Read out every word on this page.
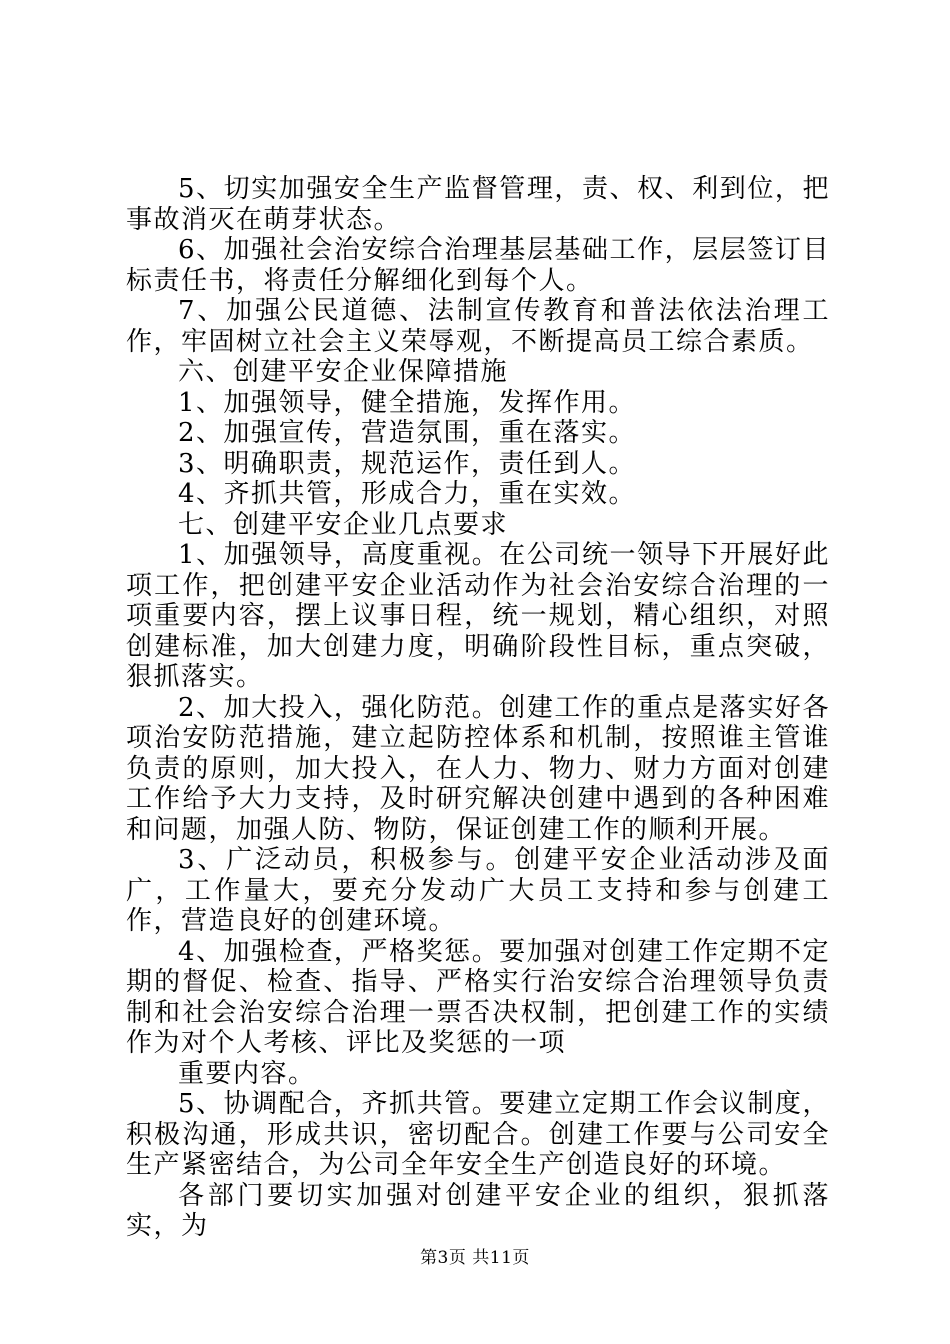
5、切实加强安全生产监督管理，责、权、利到位，把事故消灭在萌芽状态。

6、加强社会治安综合治理基层基础工作，层层签订目标责任书，将责任分解细化到每个人。

7、加强公民道德、法制宣传教育和普法依法治理工作，牢固树立社会主义荣辱观，不断提高员工综合素质。

六、创建平安企业保障措施

1、加强领导，健全措施，发挥作用。

2、加强宣传，营造氛围，重在落实。

3、明确职责，规范运作，责任到人。

4、齐抓共管，形成合力，重在实效。

七、创建平安企业几点要求

1、加强领导，高度重视。在公司统一领导下开展好此项工作，把创建平安企业活动作为社会治安综合治理的一项重要内容，摆上议事日程，统一规划，精心组织，对照创建标准，加大创建力度，明确阶段性目标，重点突破，狠抓落实。

2、加大投入，强化防范。创建工作的重点是落实好各项治安防范措施，建立起防控体系和机制，按照谁主管谁负责的原则，加大投入，在人力、物力、财力方面对创建工作给予大力支持，及时研究解决创建中遇到的各种困难和问题，加强人防、物防，保证创建工作的顺利开展。

3、广泛动员，积极参与。创建平安企业活动涉及面广，工作量大，要充分发动广大员工支持和参与创建工作，营造良好的创建环境。

4、加强检查，严格奖惩。要加强对创建工作定期不定期的督促、检查、指导、严格实行治安综合治理领导负责制和社会治安综合治理一票否决权制，把创建工作的实绩作为对个人考核、评比及奖惩的一项

重要内容。

5、协调配合，齐抓共管。要建立定期工作会议制度，积极沟通，形成共识，密切配合。创建工作要与公司安全生产紧密结合，为公司全年安全生产创造良好的环境。

各部门要切实加强对创建平安企业的组织，狠抓落实，为

第3页 共11页
